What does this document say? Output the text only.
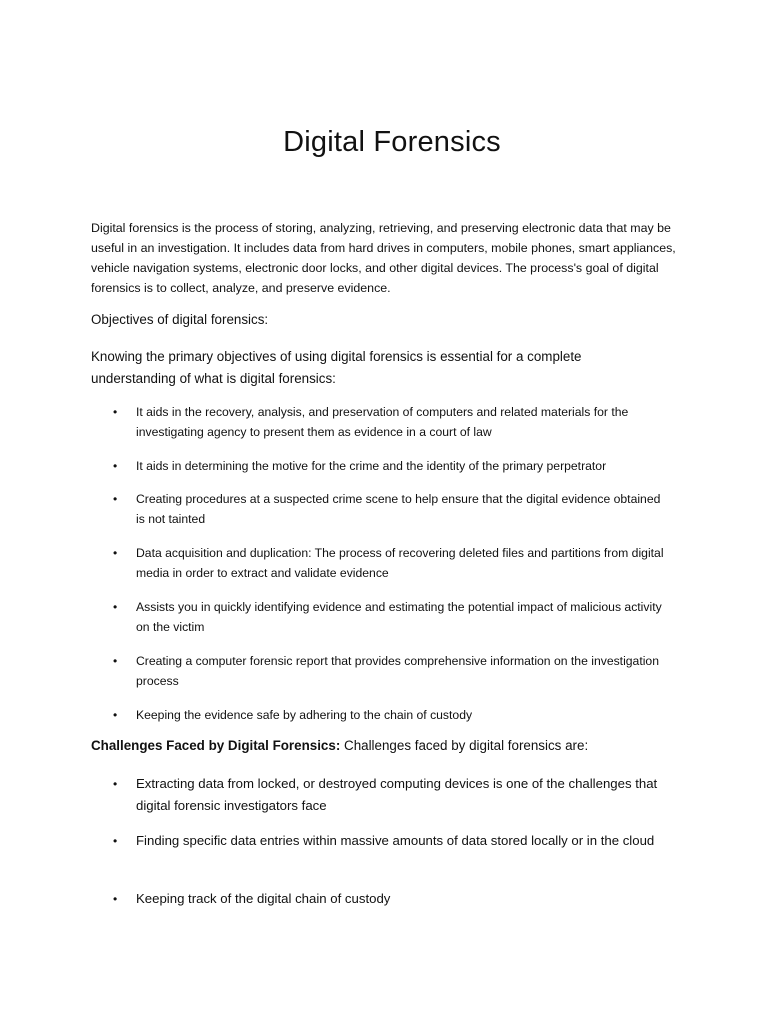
Digital Forensics

Digital forensics is the process of storing, analyzing, retrieving, and preserving electronic data that may be useful in an investigation. It includes data from hard drives in computers, mobile phones, smart appliances, vehicle navigation systems, electronic door locks, and other digital devices. The process's goal of digital forensics is to collect, analyze, and preserve evidence.

Objectives of digital forensics:

Knowing the primary objectives of using digital forensics is essential for a complete understanding of what is digital forensics:

• It aids in the recovery, analysis, and preservation of computers and related materials for the investigating agency to present them as evidence in a court of law
• It aids in determining the motive for the crime and the identity of the primary perpetrator
• Creating procedures at a suspected crime scene to help ensure that the digital evidence obtained is not tainted
• Data acquisition and duplication: The process of recovering deleted files and partitions from digital media in order to extract and validate evidence
• Assists you in quickly identifying evidence and estimating the potential impact of malicious activity on the victim
• Creating a computer forensic report that provides comprehensive information on the investigation process
• Keeping the evidence safe by adhering to the chain of custody

Challenges Faced by Digital Forensics: Challenges faced by digital forensics are:

• Extracting data from locked, or destroyed computing devices is one of the challenges that digital forensic investigators face
• Finding specific data entries within massive amounts of data stored locally or in the cloud
• Keeping track of the digital chain of custody
